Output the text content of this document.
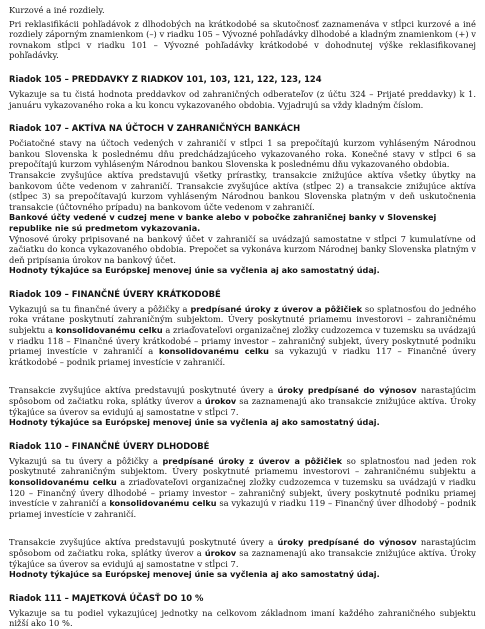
Kurzové a iné rozdiely.

Pri reklasifikácii pohľadávok z dlhodobých na krátkodobé sa skutočnosť zaznamenáva v stĺpci kurzové a iné rozdiely záporným znamienkom (–) v riadku 105 – Vývozné pohľadávky dlhodobé a kladným znamienkom (+) v rovnakom stĺpci v riadku 101 – Vývozné pohľadávky krátkodobé v dohodnutej výške reklasifikovanej pohľadávky.

Riadok 105 – PREDDAVKY Z RIADKOV 101, 103, 121, 122, 123, 124

Vykazuje sa tu čistá hodnota preddavkov od zahraničných odberateľov (z účtu 324 – Prijaté preddavky) k 1. januáru vykazovaného roka a ku koncu vykazovaného obdobia. Vyjadrujú sa vždy kladným číslom.

Riadok 107 – AKTÍVA NA ÚČTOCH V ZAHRANIČNÝCH BANKÁCH

Počiatočné stavy na účtoch vedených v zahraničí v stĺpci 1 sa prepočítajú kurzom vyhláseným Národnou bankou Slovenska k poslednému dňu predchádzajúceho vykazovaného roka. Konečné stavy v stĺpci 6 sa prepočítajú kurzom vyhláseným Národnou bankou Slovenska k poslednému dňu vykazovaného obdobia.

Transakcie zvyšujúce aktíva predstavujú všetky prírastky, transakcie znižujúce aktíva všetky úbytky na bankovom účte vedenom v zahraničí. Transakcie zvyšujúce aktíva (stĺpec 2) a transakcie znižujúce aktíva (stĺpec 3) sa prepočítavajú kurzom vyhláseným Národnou bankou Slovenska platným v deň uskutočnenia transakcie (účtovného prípadu) na bankovom účte vedenom v zahraničí.

Bankové účty vedené v cudzej mene v banke alebo v pobočke zahraničnej banky v Slovenskej republike nie sú predmetom vykazovania.

Výnosové úroky pripisované na bankový účet v zahraničí sa uvádzajú samostatne v stĺpci 7 kumulatívne od začiatku do konca vykazovaného obdobia. Prepočet sa vykonáva kurzom Národnej banky Slovenska platným v deň pripísania úrokov na bankový účet.

Hodnoty týkajúce sa Európskej menovej únie sa vyčlenia aj ako samostatný údaj.

Riadok 109 – FINANČNÉ ÚVERY KRÁTKODOBÉ

Vykazujú sa tu finančné úvery a pôžičky a predpísané úroky z úverov a pôžičiek so splatnosťou do jedného roka vrátane poskytnutí zahraničným subjektom. Úvery poskytnuté priamemu investorovi – zahraničnému subjektu a konsolidovanému celku a zriaďovateľovi organizačnej zložky cudzozemca v tuzemsku sa uvádzajú v riadku 118 – Finančné úvery krátkodobé – priamy investor – zahraničný subjekt, úvery poskytnuté podniku priamej investície v zahraničí a konsolidovanému celku sa vykazujú v riadku 117 – Finančné úvery krátkodobé – podnik priamej investície v zahraničí.

Transakcie zvyšujúce aktíva predstavujú poskytnuté úvery a úroky predpísané do výnosov narastajúcim spôsobom od začiatku roka, splátky úverov a úrokov sa zaznamenajú ako transakcie znižujúce aktíva. Úroky týkajúce sa úverov sa evidujú aj samostatne v stĺpci 7.

Hodnoty týkajúce sa Európskej menovej únie sa vyčlenia aj ako samostatný údaj.

Riadok 110 – FINANČNÉ ÚVERY DLHODOBÉ

Vykazujú sa tu úvery a pôžičky a predpísané úroky z úverov a pôžičiek so splatnosťou nad jeden rok poskytnuté zahraničným subjektom. Úvery poskytnuté priamemu investorovi – zahraničnému subjektu a konsolidovanému celku a zriaďovateľovi organizačnej zložky cudzozemca v tuzemsku sa uvádzajú v riadku 120 – Finančný úvery dlhodobé – priamy investor – zahraničný subjekt, úvery poskytnuté podniku priamej investície v zahraničí a konsolidovanému celku sa vykazujú v riadku 119 – Finančný úver dlhodobý – podnik priamej investície v zahraničí.

Transakcie zvyšujúce aktíva predstavujú poskytnuté úvery a úroky predpísané do výnosov narastajúcim spôsobom od začiatku roka, splátky úverov a úrokov sa zaznamenajú ako transakcie znižujúce aktíva. Úroky týkajúce sa úverov sa evidujú aj samostatne v stĺpci 7.

Hodnoty týkajúce sa Európskej menovej únie sa vyčlenia aj ako samostatný údaj.

Riadok 111 – MAJETKOVÁ ÚČASŤ DO 10 %

Vykazuje sa tu podiel vykazujúcej jednotky na celkovom základnom imaní každého zahraničného subjektu nižší ako 10 %.
